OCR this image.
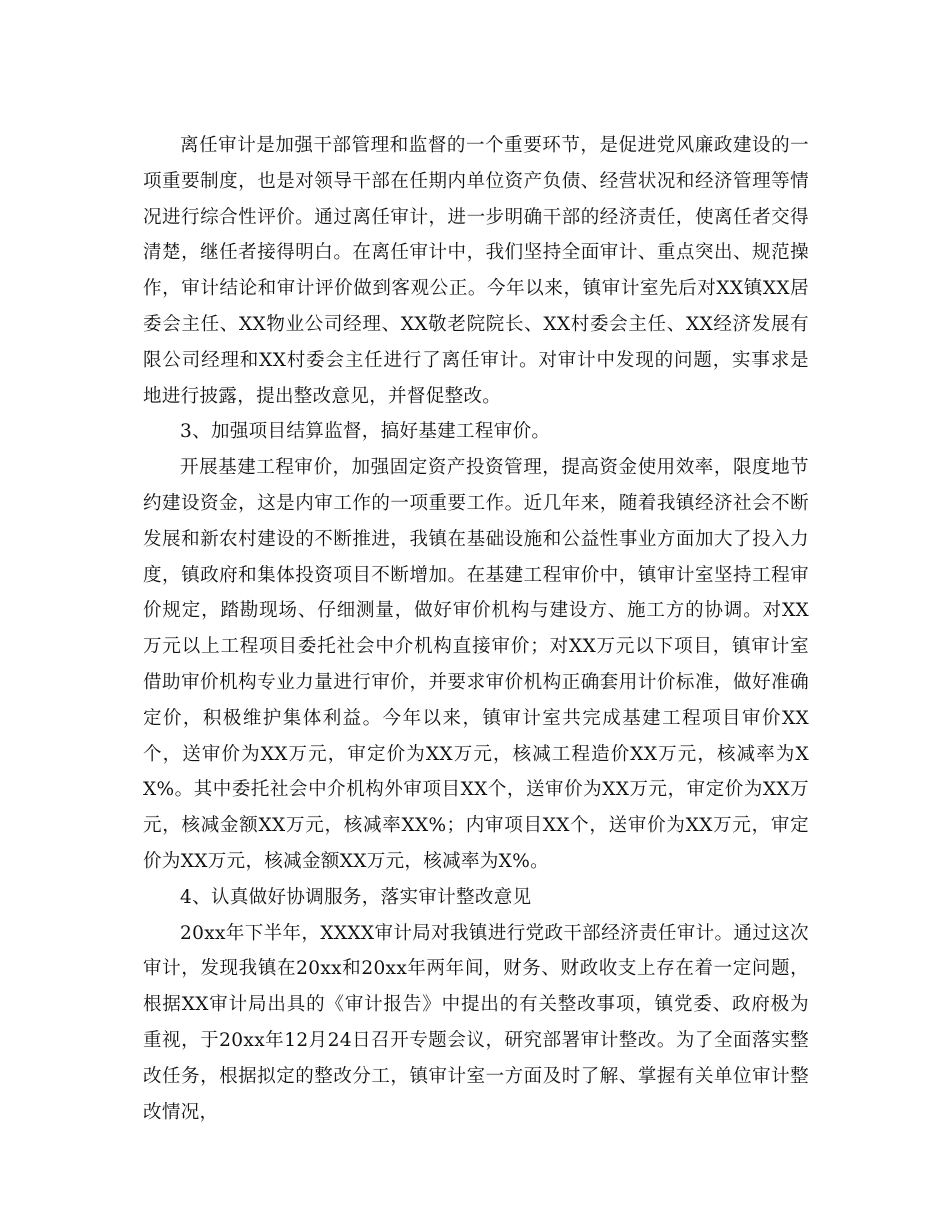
离任审计是加强干部管理和监督的一个重要环节，是促进党风廉政建设的一项重要制度，也是对领导干部在任期内单位资产负债、经营状况和经济管理等情况进行综合性评价。通过离任审计，进一步明确干部的经济责任，使离任者交得清楚，继任者接得明白。在离任审计中，我们坚持全面审计、重点突出、规范操作，审计结论和审计评价做到客观公正。今年以来，镇审计室先后对XX镇XX居委会主任、XX物业公司经理、XX敬老院院长、XX村委会主任、XX经济发展有限公司经理和XX村委会主任进行了离任审计。对审计中发现的问题，实事求是地进行披露，提出整改意见，并督促整改。

3、加强项目结算监督，搞好基建工程审价。

开展基建工程审价，加强固定资产投资管理，提高资金使用效率，限度地节约建设资金，这是内审工作的一项重要工作。近几年来，随着我镇经济社会不断发展和新农村建设的不断推进，我镇在基础设施和公益性事业方面加大了投入力度，镇政府和集体投资项目不断增加。在基建工程审价中，镇审计室坚持工程审价规定，踏勘现场、仔细测量，做好审价机构与建设方、施工方的协调。对XX万元以上工程项目委托社会中介机构直接审价；对XX万元以下项目，镇审计室借助审价机构专业力量进行审价，并要求审价机构正确套用计价标准，做好准确定价，积极维护集体利益。今年以来，镇审计室共完成基建工程项目审价XX个，送审价为XX万元，审定价为XX万元，核减工程造价XX万元，核减率为XX%。其中委托社会中介机构外审项目XX个，送审价为XX万元，审定价为XX万元，核减金额XX万元，核减率XX%；内审项目XX个，送审价为XX万元，审定价为XX万元，核减金额XX万元，核减率为X%。

4、认真做好协调服务，落实审计整改意见

20xx年下半年，XXXX审计局对我镇进行党政干部经济责任审计。通过这次审计，发现我镇在20xx和20xx年两年间，财务、财政收支上存在着一定问题，根据XX审计局出具的《审计报告》中提出的有关整改事项，镇党委、政府极为重视，于20xx年12月24日召开专题会议，研究部署审计整改。为了全面落实整改任务，根据拟定的整改分工，镇审计室一方面及时了解、掌握有关单位审计整改情况，
